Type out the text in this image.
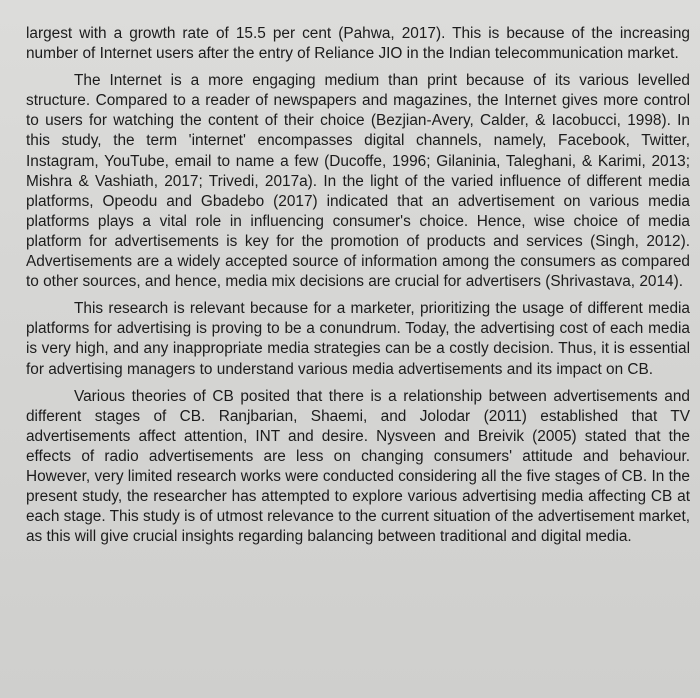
largest with a growth rate of 15.5 per cent (Pahwa, 2017). This is because of the increasing number of Internet users after the entry of Reliance JIO in the Indian telecommunication market.

The Internet is a more engaging medium than print because of its various levelled structure. Compared to a reader of newspapers and magazines, the Internet gives more control to users for watching the content of their choice (Bezjian-Avery, Calder, & Iacobucci, 1998). In this study, the term 'internet' encompasses digital channels, namely, Facebook, Twitter, Instagram, YouTube, email to name a few (Ducoffe, 1996; Gilaninia, Taleghani, & Karimi, 2013; Mishra & Vashiath, 2017; Trivedi, 2017a). In the light of the varied influence of different media platforms, Opeodu and Gbadebo (2017) indicated that an advertisement on various media platforms plays a vital role in influencing consumer's choice. Hence, wise choice of media platform for advertisements is key for the promotion of products and services (Singh, 2012). Advertisements are a widely accepted source of information among the consumers as compared to other sources, and hence, media mix decisions are crucial for advertisers (Shrivastava, 2014).

This research is relevant because for a marketer, prioritizing the usage of different media platforms for advertising is proving to be a conundrum. Today, the advertising cost of each media is very high, and any inappropriate media strategies can be a costly decision. Thus, it is essential for advertising managers to understand various media advertisements and its impact on CB.

Various theories of CB posited that there is a relationship between advertisements and different stages of CB. Ranjbarian, Shaemi, and Jolodar (2011) established that TV advertisements affect attention, INT and desire. Nysveen and Breivik (2005) stated that the effects of radio advertisements are less on changing consumers' attitude and behaviour. However, very limited research works were conducted considering all the five stages of CB. In the present study, the researcher has attempted to explore various advertising media affecting CB at each stage. This study is of utmost relevance to the current situation of the advertisement market, as this will give crucial insights regarding balancing between traditional and digital media.
